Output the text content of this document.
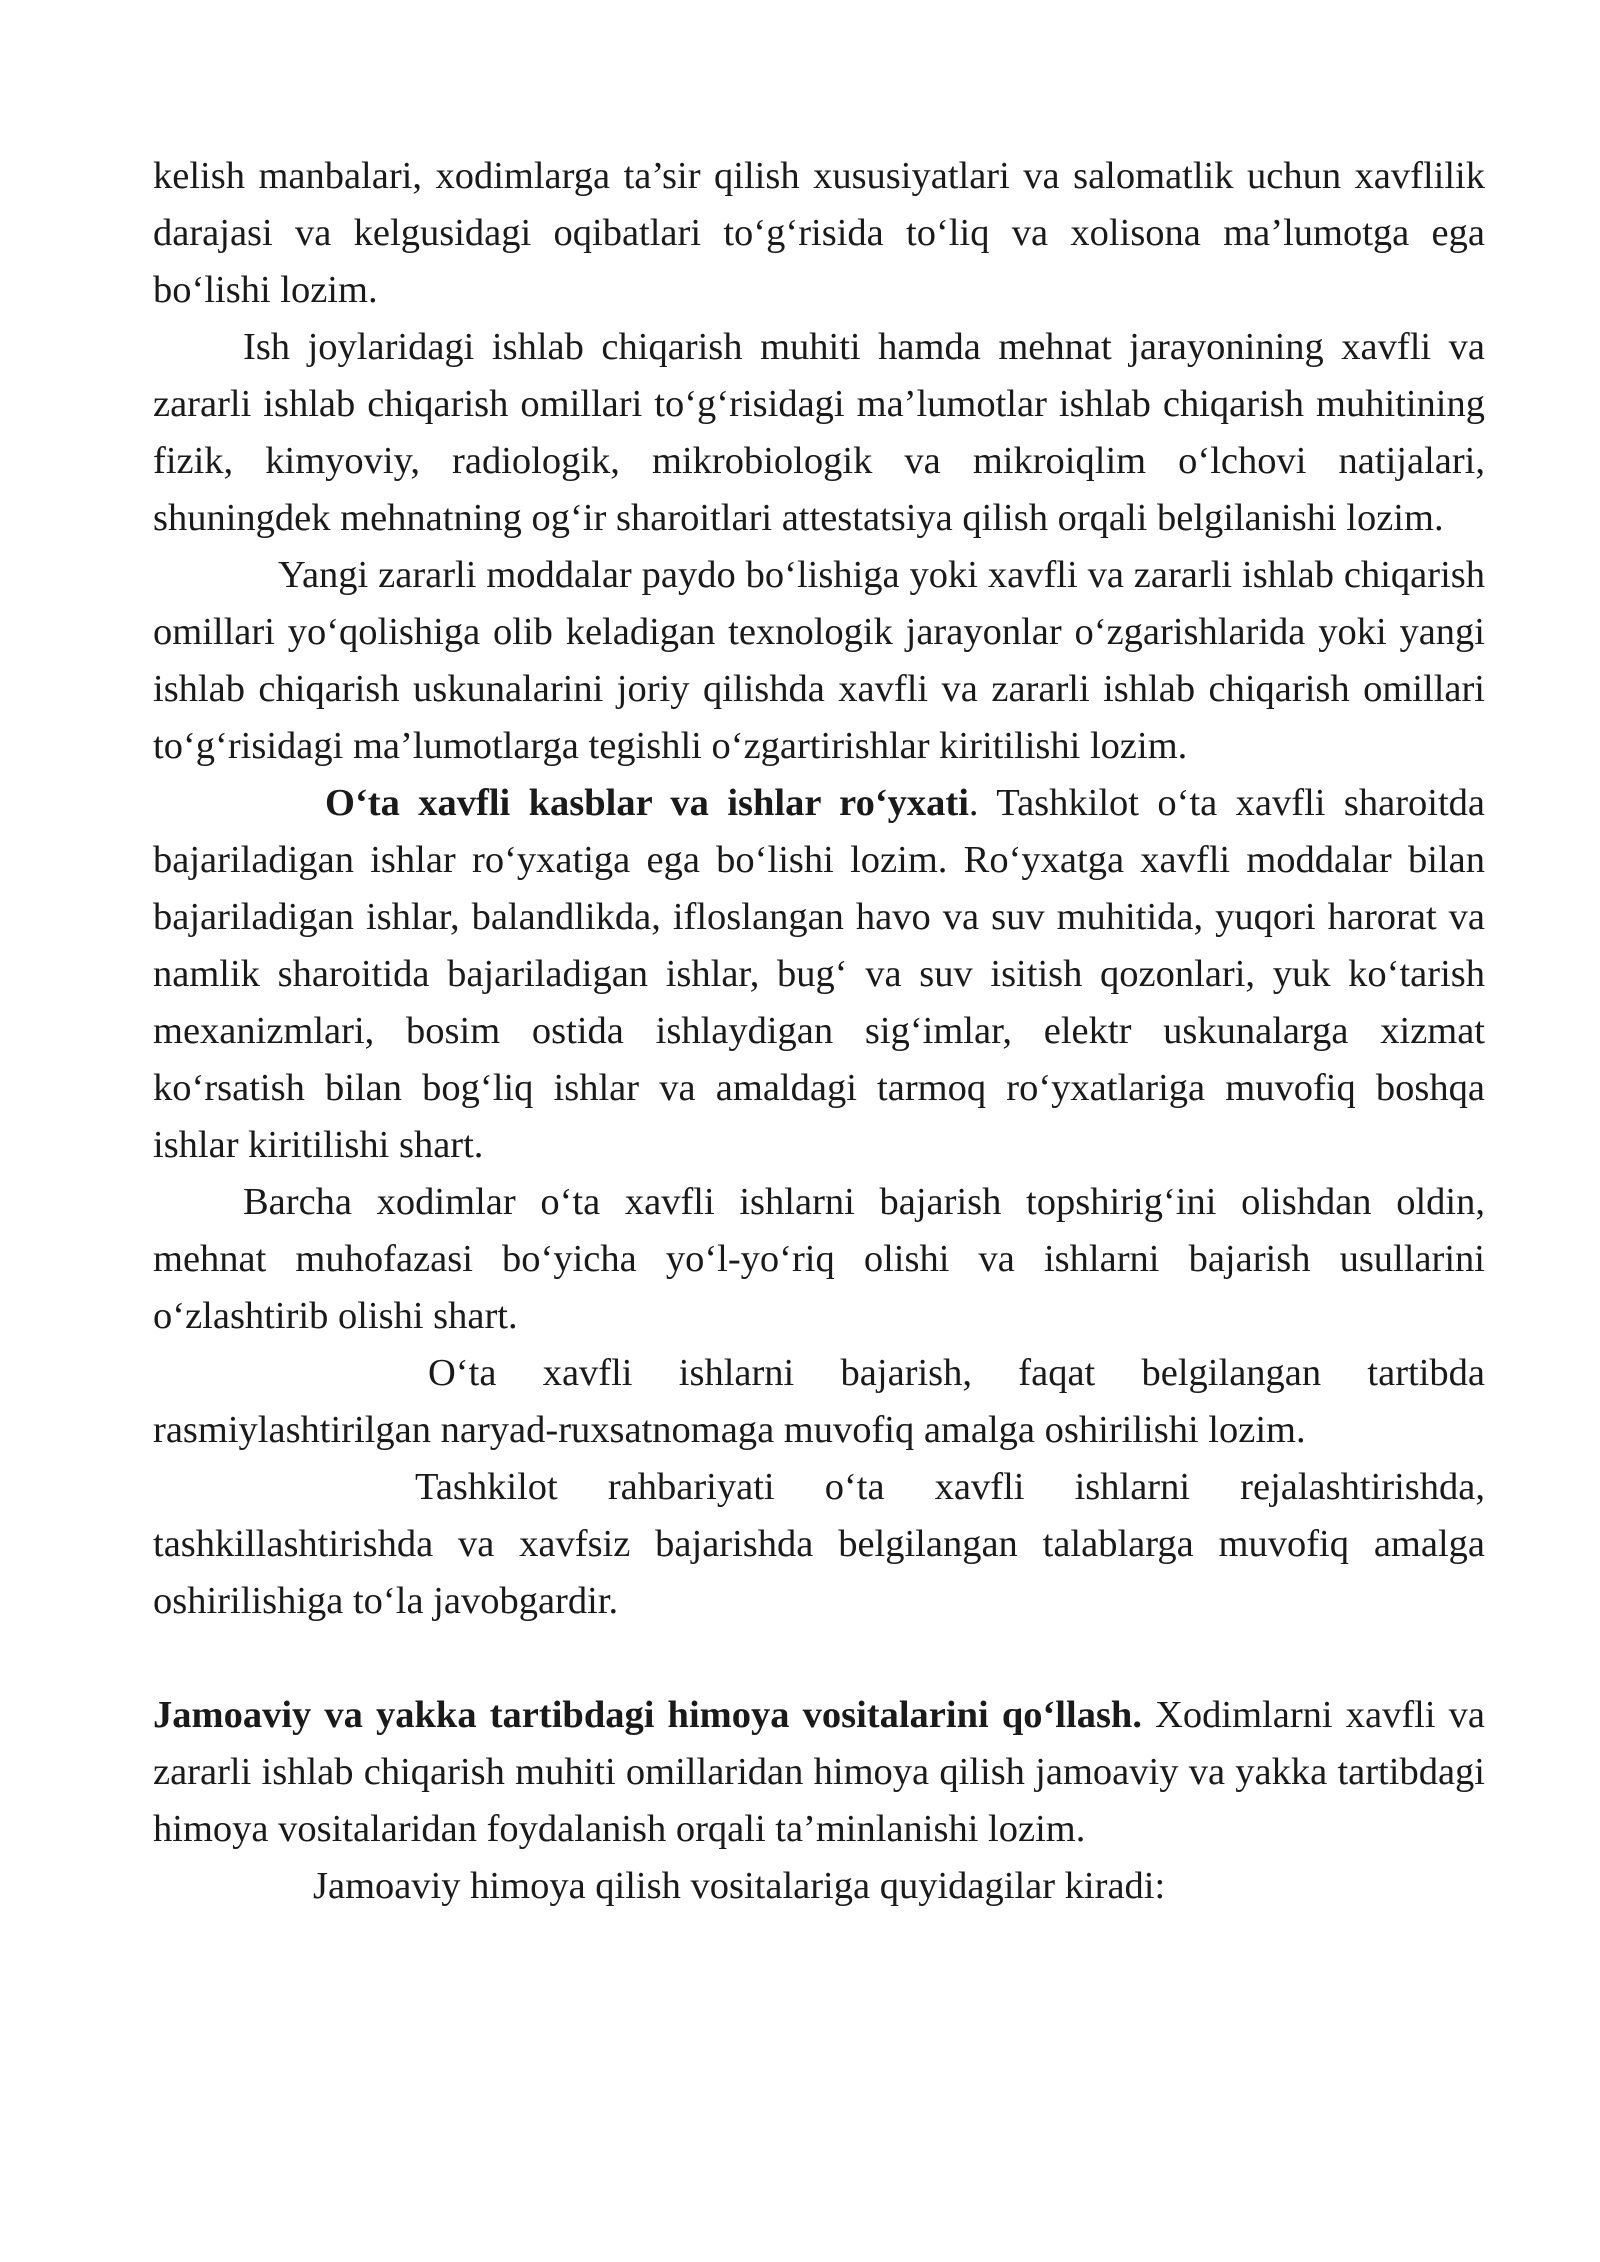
kelish manbalari, xodimlarga ta’sir qilish xususiyatlari va salomatlik uchun xavflilik darajasi va kelgusidagi oqibatlari to‘g‘risida to‘liq va xolisona ma’lumotga ega bo‘lishi lozim.

Ish joylaridagi ishlab chiqarish muhiti hamda mehnat jarayonining xavfli va zararli ishlab chiqarish omillari to‘g‘risidagi ma’lumotlar ishlab chiqarish muhitining fizik, kimyoviy, radiologik, mikrobiologik va mikroiqlim o‘lchovi natijalari, shuningdek mehnatning og‘ir sharoitlari attestatsiya qilish orqali belgilanishi lozim.

Yangi zararli moddalar paydo bo‘lishiga yoki xavfli va zararli ishlab chiqarish omillari yo‘qolishiga olib keladigan texnologik jarayonlar o‘zgarishlarida yoki yangi ishlab chiqarish uskunalarini joriy qilishda xavfli va zararli ishlab chiqarish omillari to‘g‘risidagi ma’lumotlarga tegishli o‘zgartirishlar kiritilishi lozim.

O‘ta xavfli kasblar va ishlar ro‘yxati. Tashkilot o‘ta xavfli sharoitda bajariladigan ishlar ro‘yxatiga ega bo‘lishi lozim. Ro‘yxatga xavfli moddalar bilan bajariladigan ishlar, balandlikda, ifloslangan havo va suv muhitida, yuqori harorat va namlik sharoitida bajariladigan ishlar, bug‘ va suv isitish qozonlari, yuk ko‘tarish mexanizmlari, bosim ostida ishlaydigan sig‘imlar, elektr uskunalarga xizmat ko‘rsatish bilan bog‘liq ishlar va amaldagi tarmoq ro‘yxatlariga muvofiq boshqa ishlar kiritilishi shart.

Barcha xodimlar o‘ta xavfli ishlarni bajarish topshirig‘ini olishdan oldin, mehnat muhofazasi bo‘yicha yo‘l-yo‘riq olishi va ishlarni bajarish usullarini o‘zlashtirib olishi shart.

O‘ta xavfli ishlarni bajarish, faqat belgilangan tartibda rasmiylashtirilgan naryad-ruxsatnomaga muvofiq amalga oshirilishi lozim.

Tashkilot rahbariyati o‘ta xavfli ishlarni rejalashtirishda, tashkillashtirishda va xavfsiz bajarishda belgilangan talablarga muvofiq amalga oshirilishiga to‘la javobgardir.

Jamoaviy va yakka tartibdagi himoya vositalarini qo‘llash. Xodimlarni xavfli va zararli ishlab chiqarish muhiti omillaridan himoya qilish jamoaviy va yakka tartibdagi himoya vositalaridan foydalanish orqali ta’minlanishi lozim.

Jamoaviy himoya qilish vositalariga quyidagilar kiradi:
